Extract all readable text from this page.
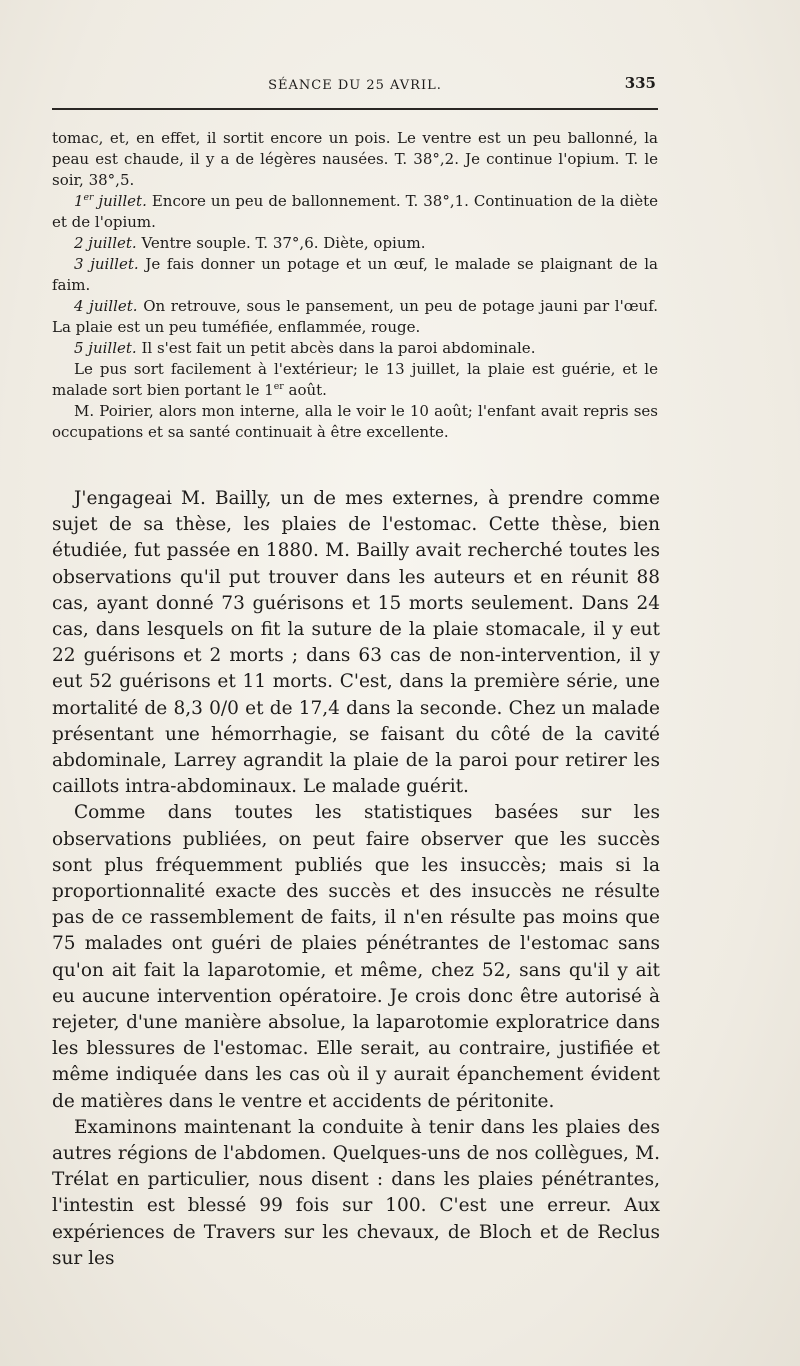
SÉANCE DU 25 AVRIL.	335

tomac, et, en effet, il sortit encore un pois. Le ventre est un peu ballonné, la peau est chaude, il y a de légères nausées. T. 38°,2. Je continue l'opium. T. le soir, 38°,5.

1er juillet. Encore un peu de ballonnement. T. 38°,1. Continuation de la diète et de l'opium.

2 juillet. Ventre souple. T. 37°,6. Diète, opium.

3 juillet. Je fais donner un potage et un œuf, le malade se plaignant de la faim.

4 juillet. On retrouve, sous le pansement, un peu de potage jauni par l'œuf. La plaie est un peu tuméfiée, enflammée, rouge.

5 juillet. Il s'est fait un petit abcès dans la paroi abdominale.

Le pus sort facilement à l'extérieur; le 13 juillet, la plaie est guérie, et le malade sort bien portant le 1er août.

M. Poirier, alors mon interne, alla le voir le 10 août; l'enfant avait repris ses occupations et sa santé continuait à être excellente.

J'engageai M. Bailly, un de mes externes, à prendre comme sujet de sa thèse, les plaies de l'estomac. Cette thèse, bien étudiée, fut passée en 1880. M. Bailly avait recherché toutes les observations qu'il put trouver dans les auteurs et en réunit 88 cas, ayant donné 73 guérisons et 15 morts seulement. Dans 24 cas, dans lesquels on fit la suture de la plaie stomacale, il y eut 22 guérisons et 2 morts ; dans 63 cas de non-intervention, il y eut 52 guérisons et 11 morts. C'est, dans la première série, une mortalité de 8,3 0/0 et de 17,4 dans la seconde. Chez un malade présentant une hémorrhagie, se faisant du côté de la cavité abdominale, Larrey agrandit la plaie de la paroi pour retirer les caillots intra-abdominaux. Le malade guérit.

Comme dans toutes les statistiques basées sur les observations publiées, on peut faire observer que les succès sont plus fréquemment publiés que les insuccès; mais si la proportionnalité exacte des succès et des insuccès ne résulte pas de ce rassemblement de faits, il n'en résulte pas moins que 75 malades ont guéri de plaies pénétrantes de l'estomac sans qu'on ait fait la laparotomie, et même, chez 52, sans qu'il y ait eu aucune intervention opératoire. Je crois donc être autorisé à rejeter, d'une manière absolue, la laparotomie exploratrice dans les blessures de l'estomac. Elle serait, au contraire, justifiée et même indiquée dans les cas où il y aurait épanchement évident de matières dans le ventre et accidents de péritonite.

Examinons maintenant la conduite à tenir dans les plaies des autres régions de l'abdomen. Quelques-uns de nos collègues, M. Trélat en particulier, nous disent : dans les plaies pénétrantes, l'intestin est blessé 99 fois sur 100. C'est une erreur. Aux expériences de Travers sur les chevaux, de Bloch et de Reclus sur les
